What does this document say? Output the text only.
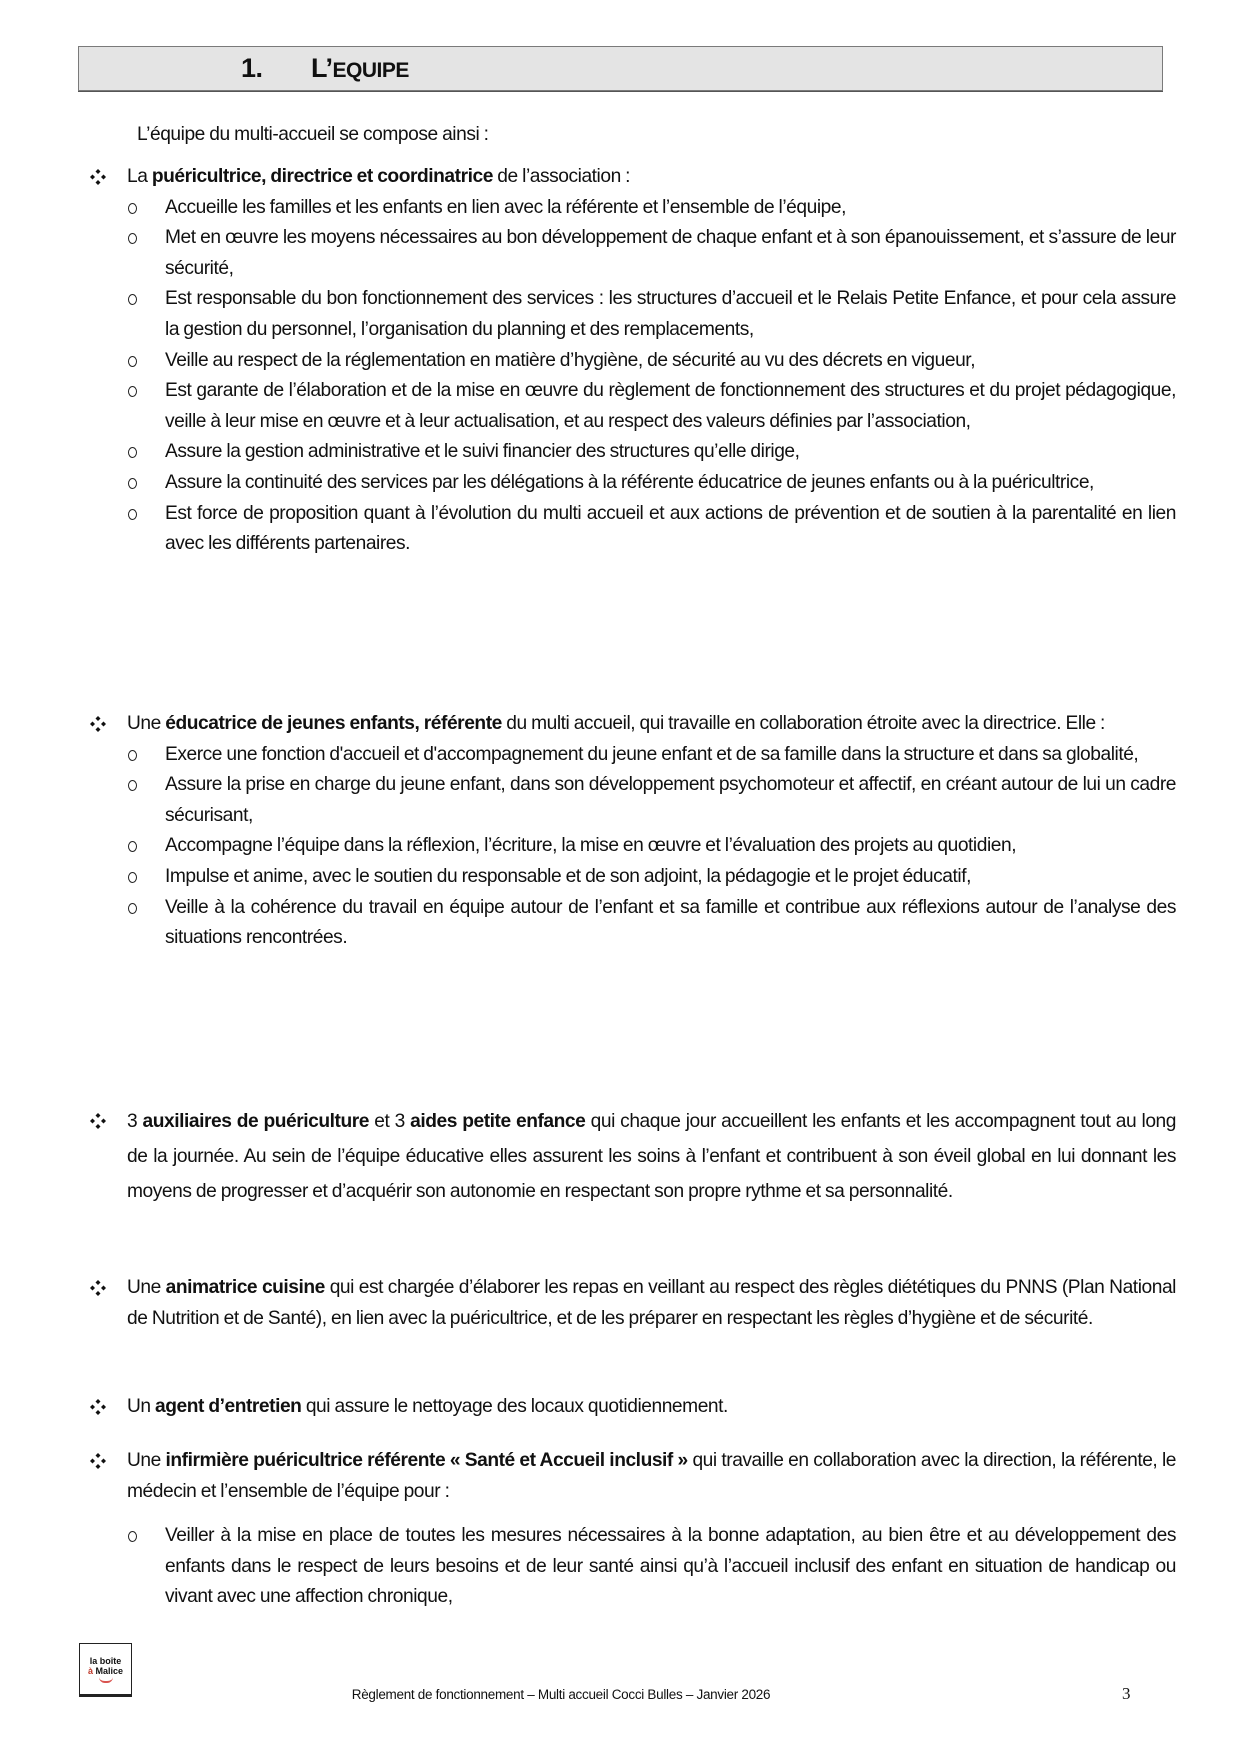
1. L’EQUIPE
L’équipe du multi-accueil se compose ainsi :
La puéricultrice, directrice et coordinatrice de l’association :
Accueille les familles et les enfants en lien avec la référente et l’ensemble de l’équipe,
Met en œuvre les moyens nécessaires au bon développement de chaque enfant et à son épanouissement, et s’assure de leur sécurité,
Est responsable du bon fonctionnement des services : les structures d’accueil et le Relais Petite Enfance, et pour cela assure la gestion du personnel, l’organisation du planning et des remplacements,
Veille au respect de la réglementation en matière d’hygiène, de sécurité au vu des décrets en vigueur,
Est garante de l’élaboration et de la mise en œuvre du règlement de fonctionnement des structures et du projet pédagogique, veille à leur mise en œuvre et à leur actualisation, et au respect des valeurs définies par l’association,
Assure la gestion administrative et le suivi financier des structures qu’elle dirige,
Assure la continuité des services par les délégations à la référente éducatrice de jeunes enfants ou à la puéricultrice,
Est force de proposition quant à l’évolution du multi accueil et aux actions de prévention et de soutien à la parentalité en lien avec les différents partenaires.
Une éducatrice de jeunes enfants, référente du multi accueil, qui travaille en collaboration étroite avec la directrice. Elle :
Exerce une fonction d'accueil et d'accompagnement du jeune enfant et de sa famille dans la structure et dans sa globalité,
Assure la prise en charge du jeune enfant, dans son développement psychomoteur et affectif, en créant autour de lui un cadre sécurisant,
Accompagne l’équipe dans la réflexion, l’écriture, la mise en œuvre et l’évaluation des projets au quotidien,
Impulse et anime, avec le soutien du responsable et de son adjoint, la pédagogie et le projet éducatif,
Veille à la cohérence du travail en équipe autour de l’enfant et sa famille et contribue aux réflexions autour de l’analyse des situations rencontrées.
3 auxiliaires de puériculture et 3 aides petite enfance qui chaque jour accueillent les enfants et les accompagnent tout au long de la journée. Au sein de l’équipe éducative elles assurent les soins à l’enfant et contribuent à son éveil global en lui donnant les moyens de progresser et d’acquérir son autonomie en respectant son propre rythme et sa personnalité.
Une animatrice cuisine qui est chargée d’élaborer les repas en veillant au respect des règles diététiques du PNNS (Plan National de Nutrition et de Santé), en lien avec la puéricultrice, et de les préparer en respectant les règles d’hygiène et de sécurité.
Un agent d’entretien qui assure le nettoyage des locaux quotidiennement.
Une infirmière puéricultrice référente « Santé et Accueil inclusif » qui travaille en collaboration avec la direction, la référente, le médecin et l’ensemble de l’équipe pour :
Veiller à la mise en place de toutes les mesures nécessaires à la bonne adaptation, au bien être et au développement des enfants dans le respect de leurs besoins et de leur santé ainsi qu’à l’accueil inclusif des enfant en situation de handicap ou vivant avec une affection chronique,
la boîte
à Malice
Règlement de fonctionnement – Multi accueil Cocci Bulles – Janvier 2026	3
